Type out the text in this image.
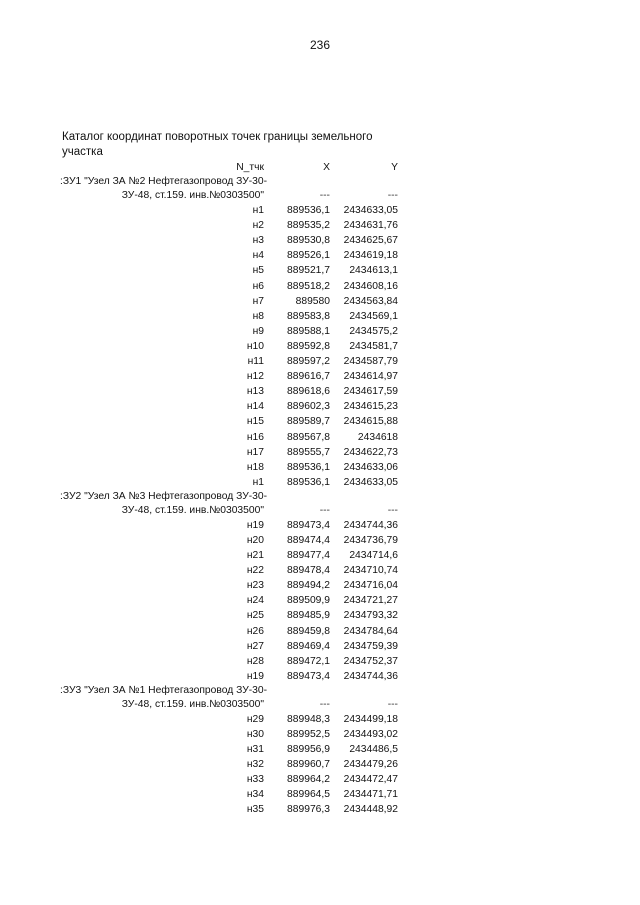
236
Каталог координат поворотных точек границы земельного участка
N_тчк	X	Y
:ЗУ1 "Узел ЗА №2 Нефтегазопровод ЗУ-30-
ЗУ-48, ст.159. инв.№0303500"	---	---
н1 889536,1 2434633,05
н2 889535,2 2434631,76
н3 889530,8 2434625,67
н4 889526,1 2434619,18
н5 889521,7 2434613,1
н6 889518,2 2434608,16
н7	889580 2434563,84
н8 889583,8 2434569,1
н9 889588,1 2434575,2
н10 889592,8 2434581,7
н11 889597,2 2434587,79
н12 889616,7 2434614,97
н13 889618,6 2434617,59
н14 889602,3 2434615,23
н15 889589,7 2434615,88
н16 889567,8	2434618
н17 889555,7 2434622,73
н18 889536,1 2434633,06
н1 889536,1 2434633,05
:ЗУ2 "Узел ЗА №3 Нефтегазопровод ЗУ-30-
ЗУ-48, ст.159. инв.№0303500"	---	---
н19 889473,4 2434744,36
н20 889474,4 2434736,79
н21 889477,4 2434714,6
н22 889478,4 2434710,74
н23 889494,2 2434716,04
н24 889509,9 2434721,27
н25 889485,9 2434793,32
н26 889459,8 2434784,64
н27 889469,4 2434759,39
н28 889472,1 2434752,37
н19 889473,4 2434744,36
:ЗУ3 "Узел ЗА №1 Нефтегазопровод ЗУ-30-
ЗУ-48, ст.159. инв.№0303500"	---	---
н29 889948,3 2434499,18
н30 889952,5 2434493,02
н31 889956,9 2434486,5
н32 889960,7 2434479,26
н33 889964,2 2434472,47
н34 889964,5 2434471,71
н35 889976,3 2434448,92
